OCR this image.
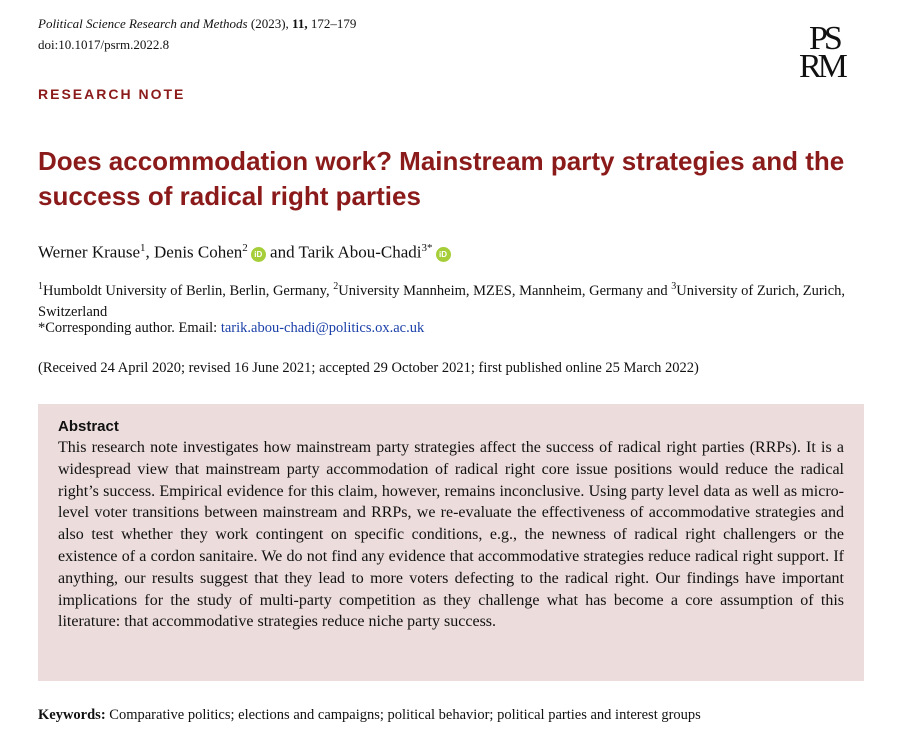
Political Science Research and Methods (2023), 11, 172–179
doi:10.1017/psrm.2022.8	PS
RM
RESEARCH NOTE
Does accommodation work? Mainstream party strategies and the success of radical right parties
Werner Krause$^1$, Denis Cohen$^2$iD and Tarik Abou-Chadi$^{3*}$iD
$^1$Humboldt University of Berlin, Berlin, Germany, $^2$University Mannheim, MZES, Mannheim, Germany and $^3$University of Zurich, Zurich, Switzerland
*Corresponding author. Email: tarik.abou-chadi@politics.ox.ac.uk
(Received 24 April 2020; revised 16 June 2021; accepted 29 October 2021; first published online 25 March 2022)
Abstract

This research note investigates how mainstream party strategies affect the success of radical right parties (RRPs). It is a widespread view that mainstream party accommodation of radical right core issue positions would reduce the radical right’s success. Empirical evidence for this claim, however, remains inconclusive. Using party level data as well as micro-level voter transitions between mainstream and RRPs, we re-evaluate the effectiveness of accommodative strategies and also test whether they work contingent on specific conditions, e.g., the newness of radical right challengers or the existence of a cordon sanitaire. We do not find any evidence that accommodative strategies reduce radical right support. If anything, our results suggest that they lead to more voters defecting to the radical right. Our findings have important implications for the study of multi-party competition as they challenge what has become a core assumption of this literature: that accommodative strategies reduce niche party success.

Keywords: Comparative politics; elections and campaigns; political behavior; political parties and interest groups
